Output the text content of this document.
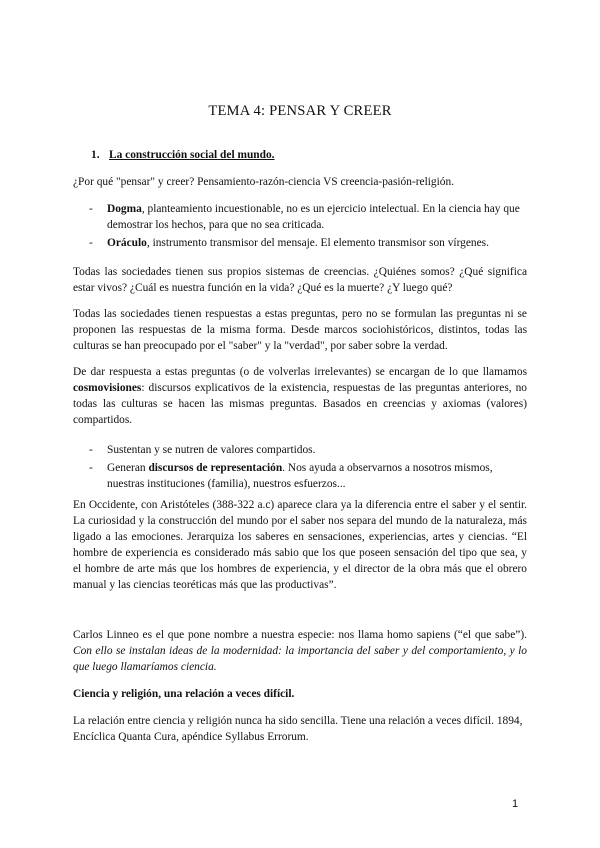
TEMA 4: PENSAR Y CREER

1. La construcción social del mundo.

¿Por qué "pensar" y creer? Pensamiento-razón-ciencia VS creencia-pasión-religión.

- Dogma, planteamiento incuestionable, no es un ejercicio intelectual. En la ciencia hay que demostrar los hechos, para que no sea criticada.
- Oráculo, instrumento transmisor del mensaje. El elemento transmisor son vírgenes.

Todas las sociedades tienen sus propios sistemas de creencias. ¿Quiénes somos? ¿Qué significa estar vivos? ¿Cuál es nuestra función en la vida? ¿Qué es la muerte? ¿Y luego qué?

Todas las sociedades tienen respuestas a estas preguntas, pero no se formulan las preguntas ni se proponen las respuestas de la misma forma. Desde marcos sociohistóricos, distintos, todas las culturas se han preocupado por el "saber" y la "verdad", por saber sobre la verdad.

De dar respuesta a estas preguntas (o de volverlas irrelevantes) se encargan de lo que llamamos cosmovisiones: discursos explicativos de la existencia, respuestas de las preguntas anteriores, no todas las culturas se hacen las mismas preguntas. Basados en creencias y axiomas (valores) compartidos.

- Sustentan y se nutren de valores compartidos.
- Generan discursos de representación. Nos ayuda a observarnos a nosotros mismos, nuestras instituciones (familia), nuestros esfuerzos...

En Occidente, con Aristóteles (388-322 a.c) aparece clara ya la diferencia entre el saber y el sentir. La curiosidad y la construcción del mundo por el saber nos separa del mundo de la naturaleza, más ligado a las emociones. Jerarquiza los saberes en sensaciones, experiencias, artes y ciencias. “El hombre de experiencia es considerado más sabio que los que poseen sensación del tipo que sea, y el hombre de arte más que los hombres de experiencia, y el director de la obra más que el obrero manual y las ciencias teoréticas más que las productivas”.

Carlos Linneo es el que pone nombre a nuestra especie: nos llama homo sapiens (“el que sabe”). Con ello se instalan ideas de la modernidad: la importancia del saber y del comportamiento, y lo que luego llamaríamos ciencia.

Ciencia y religión, una relación a veces difícil.

La relación entre ciencia y religión nunca ha sido sencilla. Tiene una relación a veces difícil. 1894, Encíclica Quanta Cura, apéndice Syllabus Errorum.

1
